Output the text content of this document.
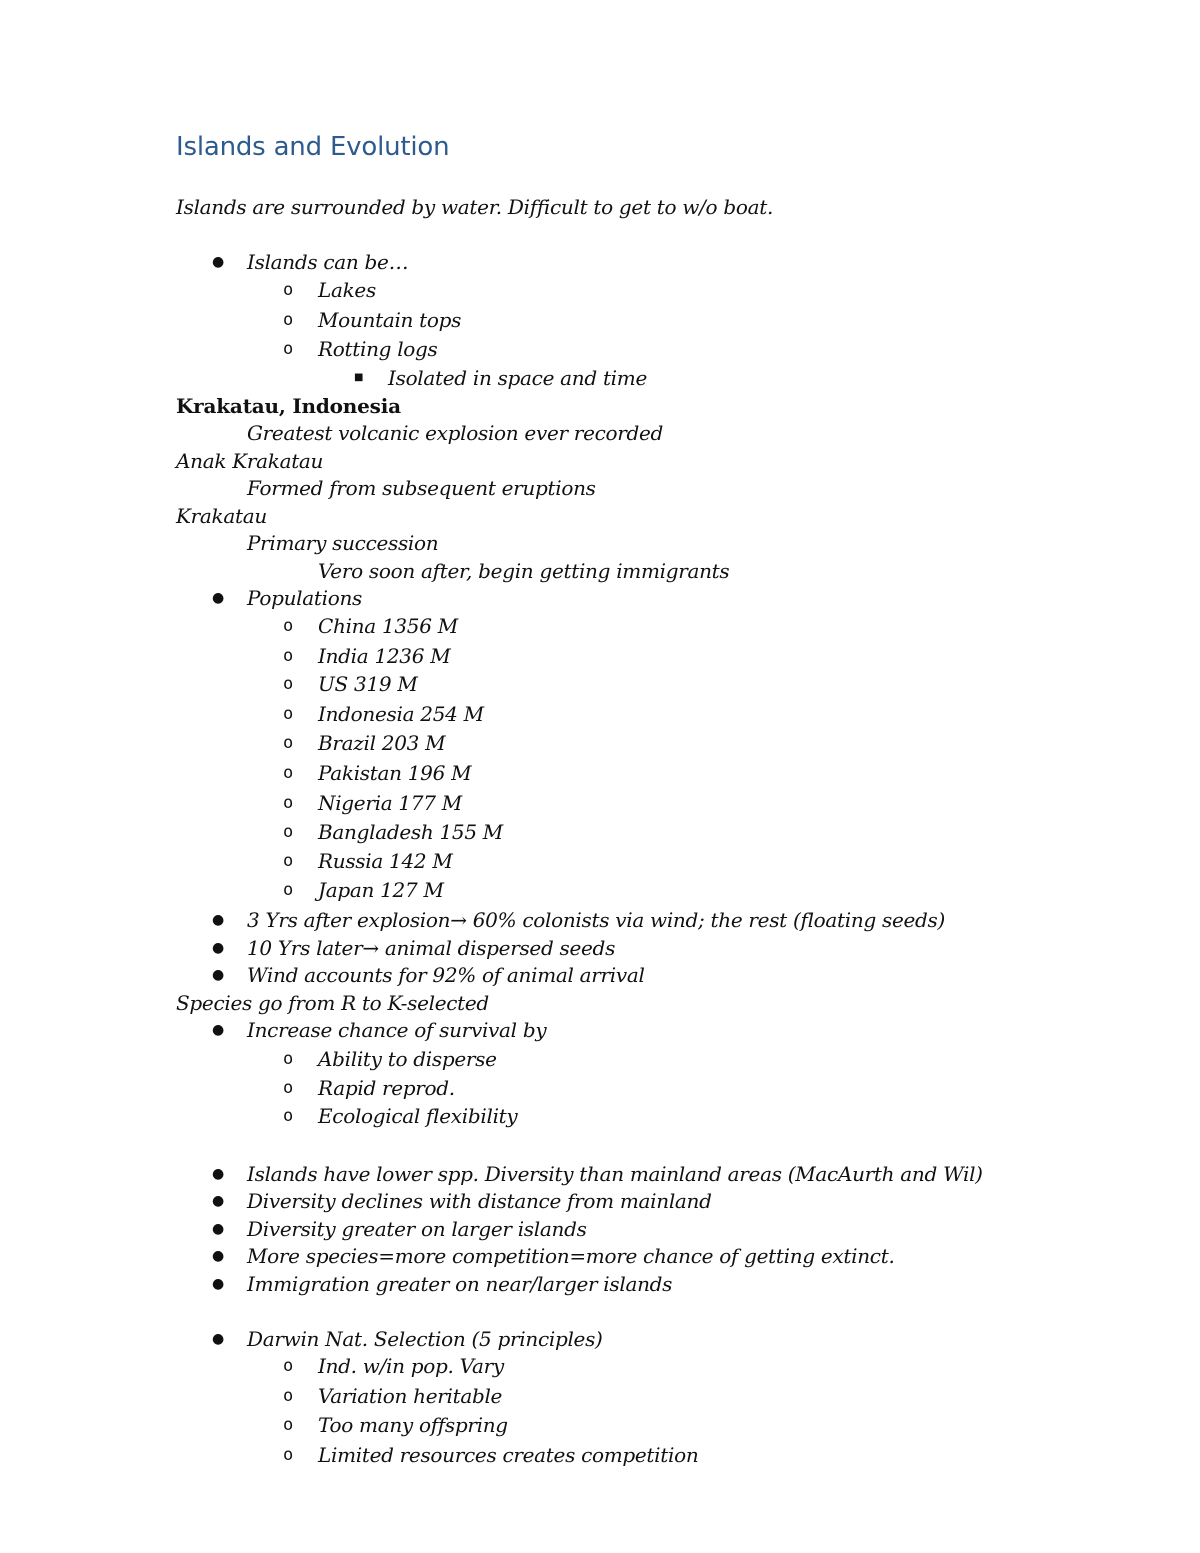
Islands and Evolution
Islands are surrounded by water. Difficult to get to w/o boat.
● Islands can be…
o Lakes
o Mountain tops
o Rotting logs
■ Isolated in space and time
Krakatau, Indonesia
Greatest volcanic explosion ever recorded
Anak Krakatau
Formed from subsequent eruptions
Krakatau
Primary succession
Vero soon after, begin getting immigrants
● Populations
o China 1356 M
o India 1236 M
o US 319 M
o Indonesia 254 M
o Brazil 203 M
o Pakistan 196 M
o Nigeria 177 M
o Bangladesh 155 M
o Russia 142 M
o Japan 127 M
● 3 Yrs after explosion→ 60% colonists via wind; the rest (floating seeds)
● 10 Yrs later→ animal dispersed seeds
● Wind accounts for 92% of animal arrival
Species go from R to K-selected
● Increase chance of survival by
o Ability to disperse
o Rapid reprod.
o Ecological flexibility
● Islands have lower spp. Diversity than mainland areas (MacAurth and Wil)
● Diversity declines with distance from mainland
● Diversity greater on larger islands
● More species=more competition=more chance of getting extinct.
● Immigration greater on near/larger islands
● Darwin Nat. Selection (5 principles)
o Ind. w/in pop. Vary
o Variation heritable
o Too many offspring
o Limited resources creates competition
